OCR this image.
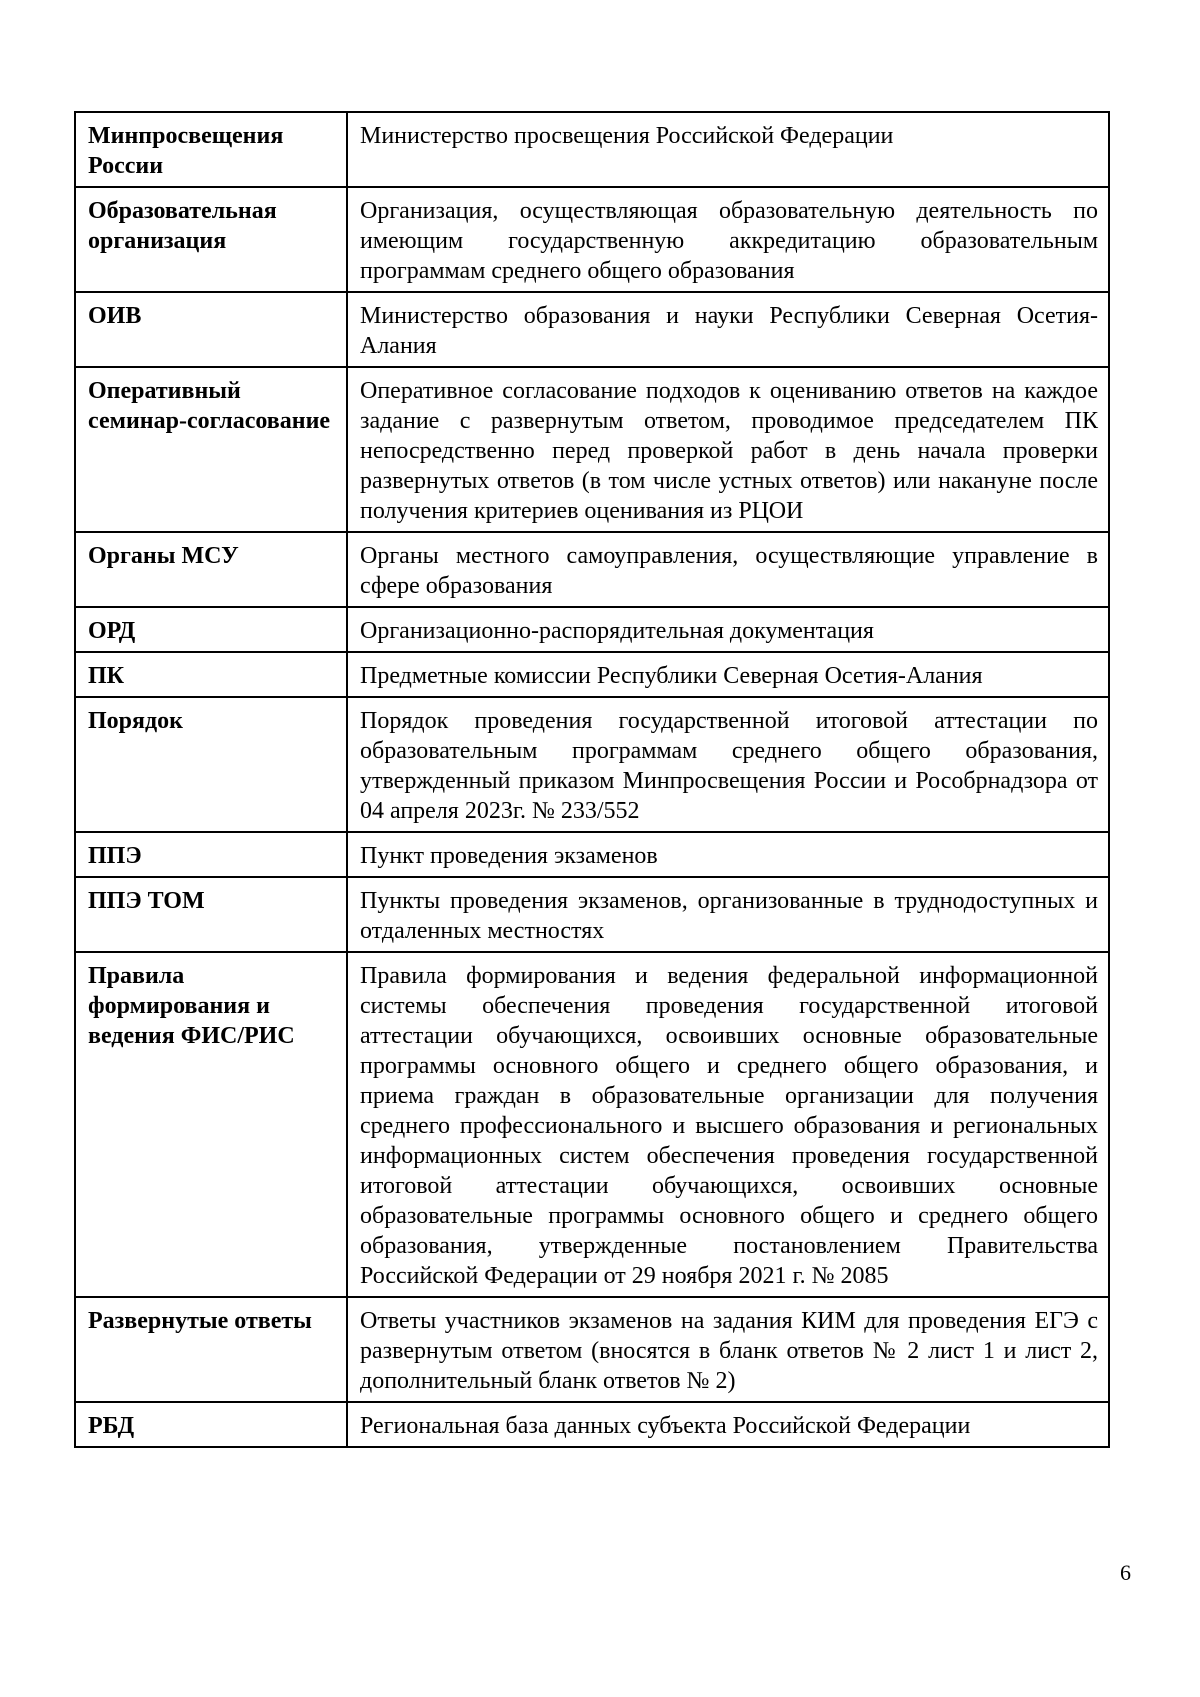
Минпросвещения России	Министерство просвещения Российской Федерации
Образовательная организация	Организация, осуществляющая образовательную деятельность по имеющим государственную аккредитацию образовательным программам среднего общего образования
ОИВ	Министерство образования и науки Республики Северная Осетия-Алания
Оперативный семинар-согласование	Оперативное согласование подходов к оцениванию ответов на каждое задание с развернутым ответом, проводимое председателем ПК непосредственно перед проверкой работ в день начала проверки развернутых ответов (в том числе устных ответов) или накануне после получения критериев оценивания из РЦОИ
Органы МСУ	Органы местного самоуправления, осуществляющие управление в сфере образования
ОРД	Организационно-распорядительная документация
ПК	Предметные комиссии Республики Северная Осетия-Алания
Порядок	Порядок проведения государственной итоговой аттестации по образовательным программам среднего общего образования, утвержденный приказом Минпросвещения России и Рособрнадзора от 04 апреля 2023г. № 233/552
ППЭ	Пункт проведения экзаменов
ППЭ ТОМ	Пункты проведения экзаменов, организованные в труднодоступных и отдаленных местностях
Правила формирования и ведения ФИС/РИС	Правила формирования и ведения федеральной информационной системы обеспечения проведения государственной итоговой аттестации обучающихся, освоивших основные образовательные программы основного общего и среднего общего образования, и приема граждан в образовательные организации для получения среднего профессионального и высшего образования и региональных информационных систем обеспечения проведения государственной итоговой аттестации обучающихся, освоивших основные образовательные программы основного общего и среднего общего образования, утвержденные постановлением Правительства Российской Федерации от 29 ноября 2021 г. № 2085
Развернутые ответы	Ответы участников экзаменов на задания КИМ для проведения ЕГЭ с развернутым ответом (вносятся в бланк ответов № 2 лист 1 и лист 2, дополнительный бланк ответов № 2)
РБД	Региональная база данных субъекта Российской Федерации
6
